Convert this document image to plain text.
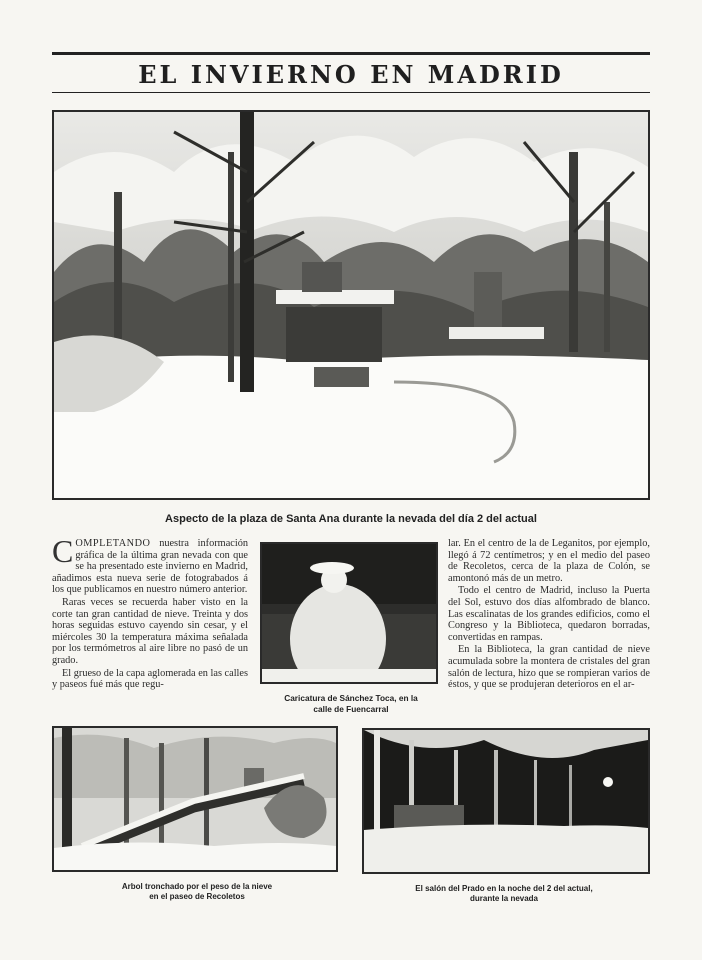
EL INVIERNO EN MADRID
Aspecto de la plaza de Santa Ana durante la nevada del día 2 del actual

COMPLETANDO nuestra información gráfica de la última gran nevada con que se ha presentado este invierno en Madrid, añadimos esta nueva serie de fotograbados á los que publicamos en nuestro número anterior.

Raras veces se recuerda haber visto en la corte tan gran cantidad de nieve. Treinta y dos horas seguidas estuvo cayendo sin cesar, y el miércoles 30 la temperatura máxima señalada por los termómetros al aire libre no pasó de un grado.

El grueso de la capa aglomerada en las calles y paseos fué más que regu-

Caricatura de Sánchez Toca, en la
calle de Fuencarral

lar. En el centro de la de Leganitos, por ejemplo, llegó á 72 centímetros; y en el medio del paseo de Recoletos, cerca de la plaza de Colón, se amontonó más de un metro.

Todo el centro de Madrid, incluso la Puerta del Sol, estuvo dos días alfombrado de blanco. Las escalinatas de los grandes edificios, como el Congreso y la Biblioteca, quedaron borradas, convertidas en rampas.

En la Biblioteca, la gran cantidad de nieve acumulada sobre la montera de cristales del gran salón de lectura, hizo que se rompieran varios de éstos, y que se produjeran deterioros en el ar-

Arbol tronchado por el peso de la nieve
en el paseo de Recoletos
El salón del Prado en la noche del 2 del actual,
durante la nevada
